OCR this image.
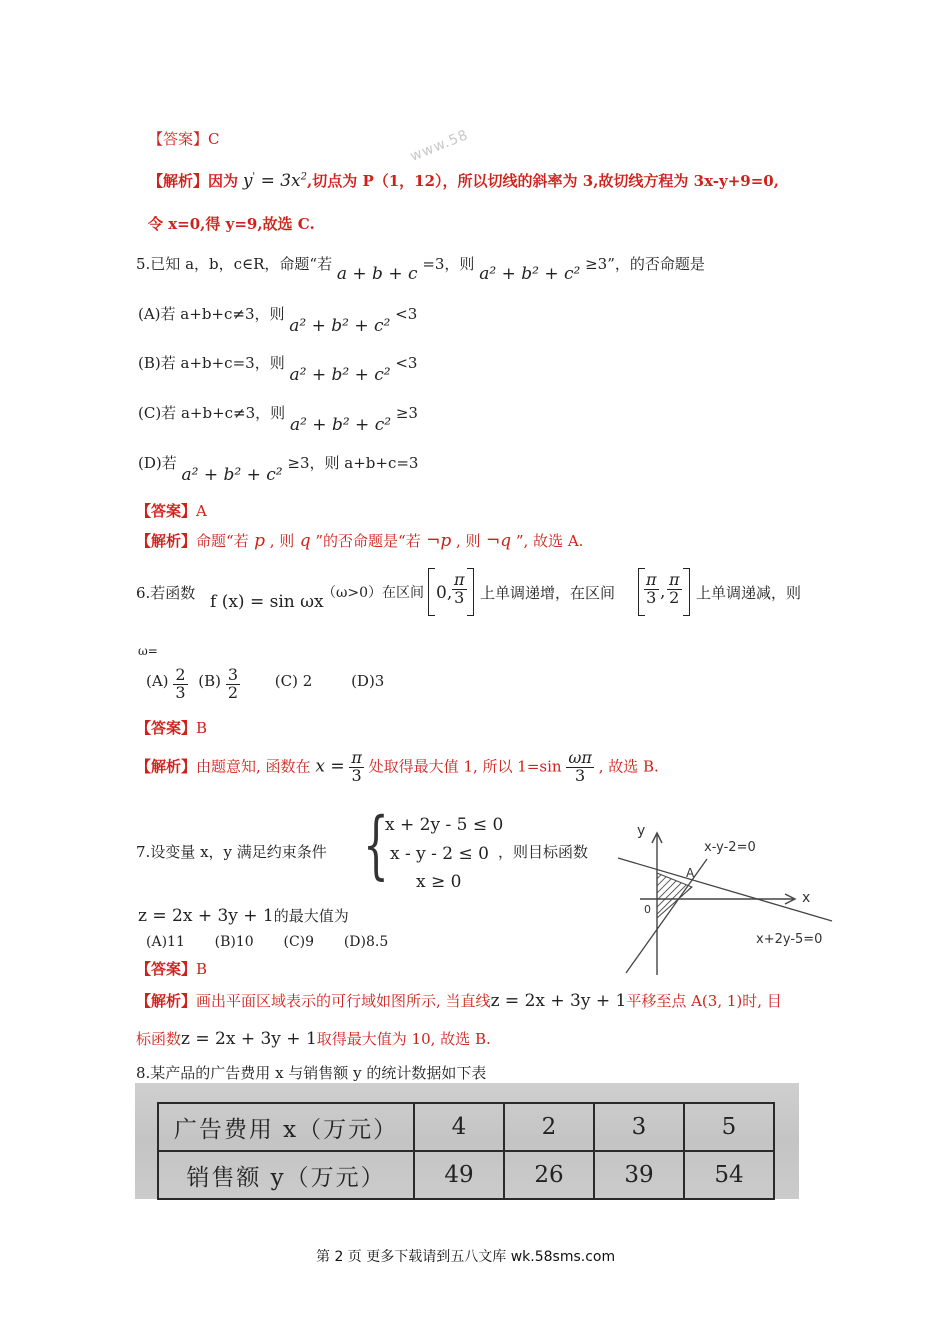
www.58
【答案】C
【解析】因为 $y' = 3x^2$,切点为 P（1，12），所以切线的斜率为 3,故切线方程为 3x-y+9=0,
令 x=0,得 y=9,故选 C.
5.已知 a，b，c∈R，命题“若 a + b + c =3，则 a² + b² + c² ≥3”，的否命题是
(A)若 a+b+c≠3，则 a² + b² + c² <3
(B)若 a+b+c=3，则 a² + b² + c² <3
(C)若 a+b+c≠3，则 a² + b² + c² ≥3
(D)若 a² + b² + c² ≥3，则 a+b+c=3
【答案】A
【解析】命题“若 p , 则 q ”的否命题是“若 ¬p , 则 ¬q ”, 故选 A.
6.若函数 f (x) = sin ωx
（ω>0）在区间 0, $\frac{\pi}{3}$ 上单调递增，在区间 $\frac{\pi}{3}$ , $\frac{\pi}{2}$ 上单调递减，则
ω=
$(A) \frac{2}{3} (B) \frac{3}{2} (C)$ 2	(D)3
【答案】B
【解析】由题意知, 函数在 $x = \frac{\pi}{3}$ 处取得最大值 1, 所以 $1=\sin \frac{\omega\pi}{3}$ , 故选 B.
7.设变量 x，y 满足约束条件 {
x + 2y - 5 ≤ 0
x - y - 2 ≤ 0
x ≥ 0
，则目标函数
z = 2x + 3y + 1的最大值为
(A)11    (B)10    (C)9    (D)8.5
【答案】B
y
x
0
A
x-y-2=0
x+2y-5=0
【解析】画出平面区域表示的可行域如图所示, 当直线z = 2x + 3y + 1平移至点 A(3, 1)时, 目
标函数z = 2x + 3y + 1取得最大值为 10, 故选 B.
8.某产品的广告费用 x 与销售额 y 的统计数据如下表
广告费用 x（万元）	4	2	3	5
销售额 y（万元）	49	26	39	54
第 2 页 更多下载请到五八文库 wk.58sms.com
